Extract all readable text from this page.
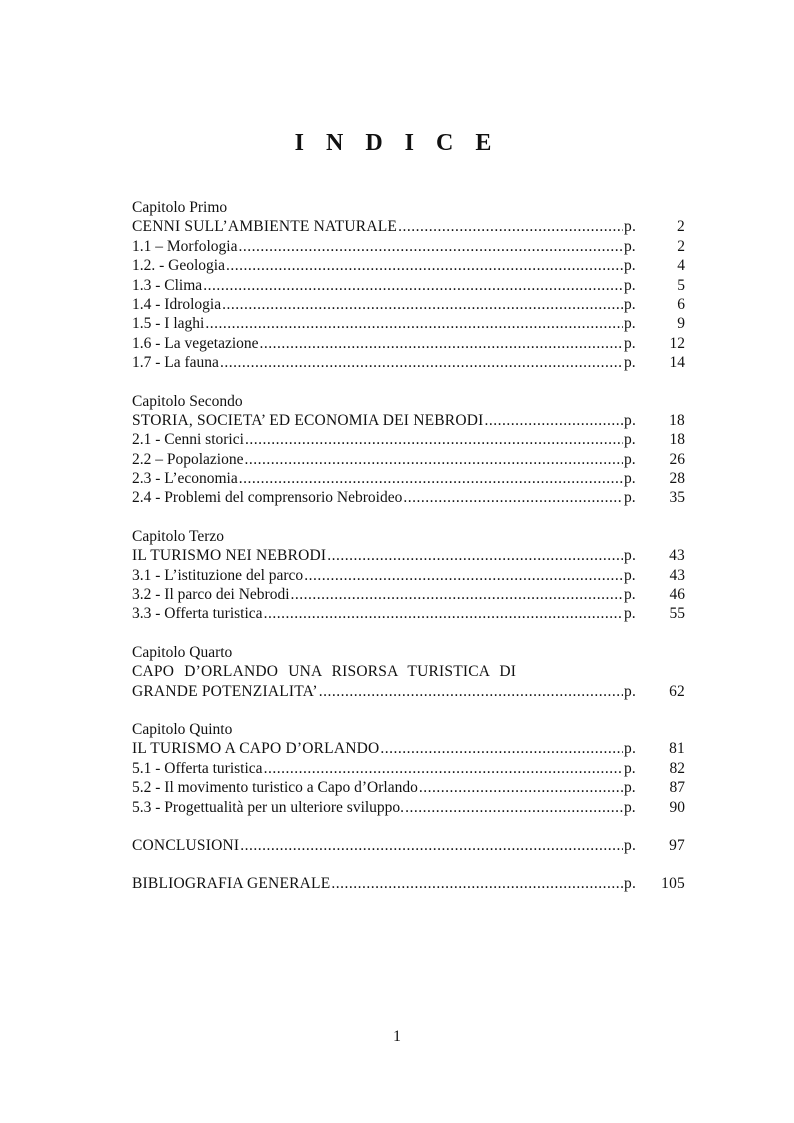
I N D I C E
Capitolo Primo
CENNI SULL’AMBIENTE NATURALE .....	p.	2
1.1 – Morfologia .....	p.	2
1.2. - Geologia .....	p.	4
1.3 - Clima .....	p.	5
1.4 - Idrologia .....	p.	6
1.5 - I laghi .....	p.	9
1.6 - La vegetazione .....	p.	12
1.7 - La fauna .....	p.	14
Capitolo Secondo
STORIA, SOCIETA’ ED ECONOMIA DEI NEBRODI .....	p.	18
2.1 - Cenni storici .....	p.	18
2.2 – Popolazione .....	p.	26
2.3 - L’economia .....	p.	28
2.4 - Problemi del comprensorio Nebroideo .....	p.	35
Capitolo Terzo
IL TURISMO NEI NEBRODI .....	p.	43
3.1 - L’istituzione del parco .....	p.	43
3.2 - Il parco dei Nebrodi .....	p.	46
3.3 - Offerta turistica .....	p.	55
Capitolo Quarto
CAPO D’ORLANDO UNA RISORSA TURISTICA DI
GRANDE POTENZIALITA’ .....	p.	62
Capitolo Quinto
IL TURISMO A CAPO D’ORLANDO .....	p.	81
5.1 - Offerta turistica .....	p.	82
5.2 - Il movimento turistico a Capo d’Orlando .....	p.	87
5.3 - Progettualità per un ulteriore sviluppo. .....	p.	90
CONCLUSIONI .....	p.	97
BIBLIOGRAFIA GENERALE .....	p.	105
1
